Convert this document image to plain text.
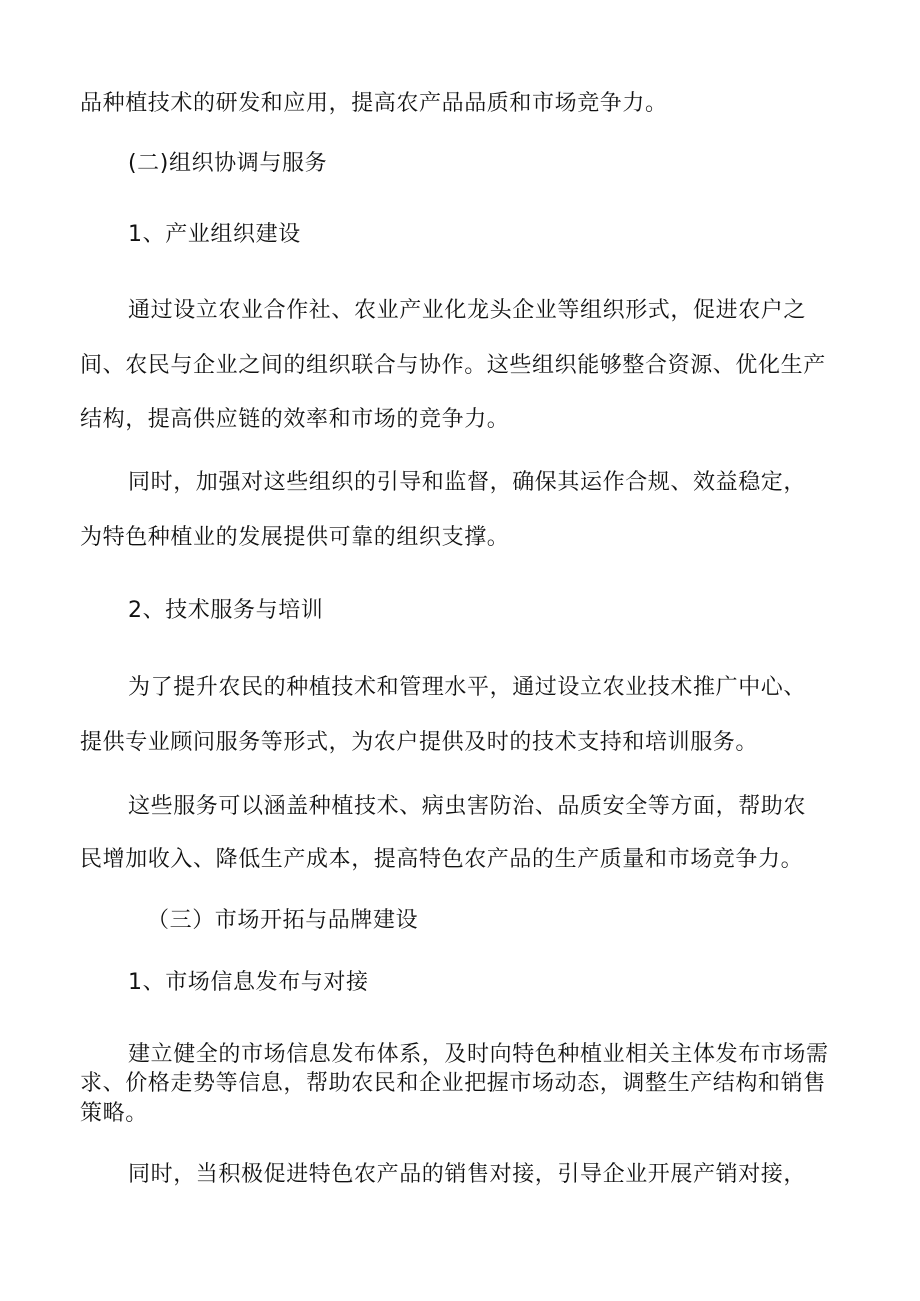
品种植技术的研发和应用，提高农产品品质和市场竞争力。
(二)组织协调与服务
1、产业组织建设
通过设立农业合作社、农业产业化龙头企业等组织形式，促进农户之
间、农民与企业之间的组织联合与协作。这些组织能够整合资源、优化生产
结构，提高供应链的效率和市场的竞争力。
同时，加强对这些组织的引导和监督，确保其运作合规、效益稳定，
为特色种植业的发展提供可靠的组织支撑。
2、技术服务与培训
为了提升农民的种植技术和管理水平，通过设立农业技术推广中心、
提供专业顾问服务等形式，为农户提供及时的技术支持和培训服务。
这些服务可以涵盖种植技术、病虫害防治、品质安全等方面，帮助农
民增加收入、降低生产成本，提高特色农产品的生产质量和市场竞争力。
（三）市场开拓与品牌建设
1、市场信息发布与对接
建立健全的市场信息发布体系，及时向特色种植业相关主体发布市场需
求、价格走势等信息，帮助农民和企业把握市场动态，调整生产结构和销售
策略。
同时，当积极促进特色农产品的销售对接，引导企业开展产销对接，
